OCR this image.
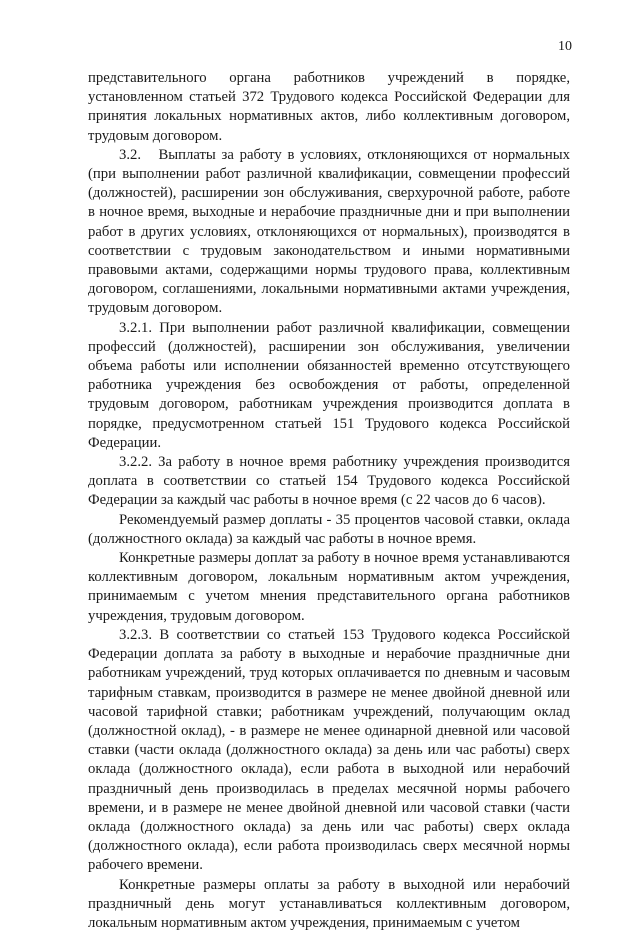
10

представительного органа работников учреждений в порядке, установленном статьей 372 Трудового кодекса Российской Федерации для принятия локальных нормативных актов, либо коллективным договором, трудовым договором.

3.2.   Выплаты за работу в условиях, отклоняющихся от нормальных (при выполнении работ различной квалификации, совмещении профессий (должностей), расширении зон обслуживания, сверхурочной работе, работе в ночное время, выходные и нерабочие праздничные дни и при выполнении работ в других условиях, отклоняющихся от нормальных), производятся в соответствии с трудовым законодательством и иными нормативными правовыми актами, содержащими нормы трудового права, коллективным договором, соглашениями, локальными нормативными актами учреждения, трудовым договором.

3.2.1. При выполнении работ различной квалификации, совмещении профессий (должностей), расширении зон обслуживания, увеличении объема работы или исполнении обязанностей временно отсутствующего работника учреждения без освобождения от работы, определенной трудовым договором, работникам учреждения производится доплата в порядке, предусмотренном статьей 151 Трудового кодекса Российской Федерации.

3.2.2. За работу в ночное время работнику учреждения производится доплата в соответствии со статьей 154 Трудового кодекса Российской Федерации за каждый час работы в ночное время (с 22 часов до 6 часов).

Рекомендуемый размер доплаты - 35 процентов часовой ставки, оклада (должностного оклада) за каждый час работы в ночное время.

Конкретные размеры доплат за работу в ночное время устанавливаются коллективным договором, локальным нормативным актом учреждения, принимаемым с учетом мнения представительного органа работников учреждения, трудовым договором.

3.2.3. В соответствии со статьей 153 Трудового кодекса Российской Федерации доплата за работу в выходные и нерабочие праздничные дни работникам учреждений, труд которых оплачивается по дневным и часовым тарифным ставкам, производится в размере не менее двойной дневной или часовой тарифной ставки; работникам учреждений, получающим оклад (должностной оклад), - в размере не менее одинарной дневной или часовой ставки (части оклада (должностного оклада) за день или час работы) сверх оклада (должностного оклада), если работа в выходной или нерабочий праздничный день производилась в пределах месячной нормы рабочего времени, и в размере не менее двойной дневной или часовой ставки (части оклада (должностного оклада) за день или час работы) сверх оклада (должностного оклада), если работа производилась сверх месячной нормы рабочего времени.

Конкретные размеры оплаты за работу в выходной или нерабочий праздничный день могут устанавливаться коллективным договором, локальным нормативным актом учреждения, принимаемым с учетом
